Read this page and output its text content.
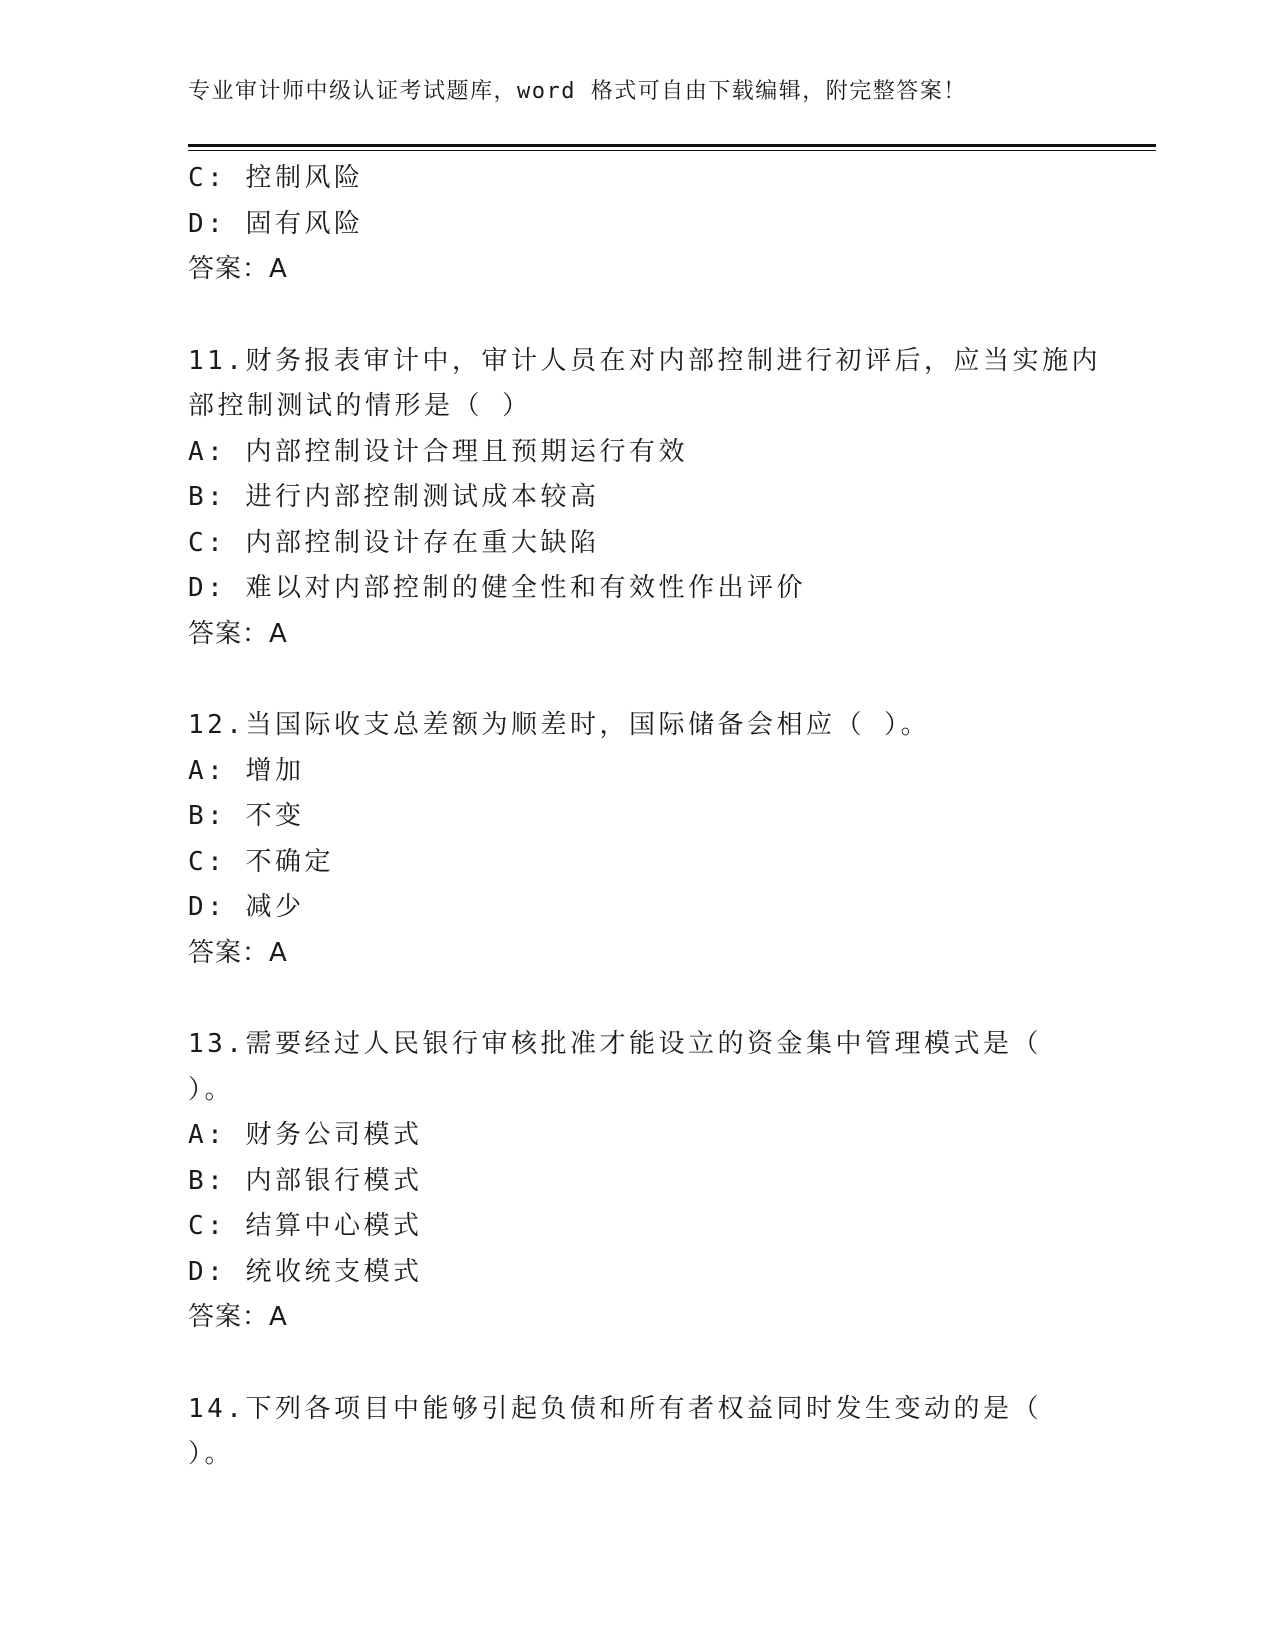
专业审计师中级认证考试题库，word 格式可自由下载编辑，附完整答案！
C: 控制风险
D: 固有风险
答案：A
11.财务报表审计中，审计人员在对内部控制进行初评后，应当实施内
部控制测试的情形是（ ）
A: 内部控制设计合理且预期运行有效
B: 进行内部控制测试成本较高
C: 内部控制设计存在重大缺陷
D: 难以对内部控制的健全性和有效性作出评价
答案：A
12.当国际收支总差额为顺差时，国际储备会相应（ ）。
A: 增加
B: 不变
C: 不确定
D: 减少
答案：A
13.需要经过人民银行审核批准才能设立的资金集中管理模式是（
）。
A: 财务公司模式
B: 内部银行模式
C: 结算中心模式
D: 统收统支模式
答案：A
14.下列各项目中能够引起负债和所有者权益同时发生变动的是（
）。
